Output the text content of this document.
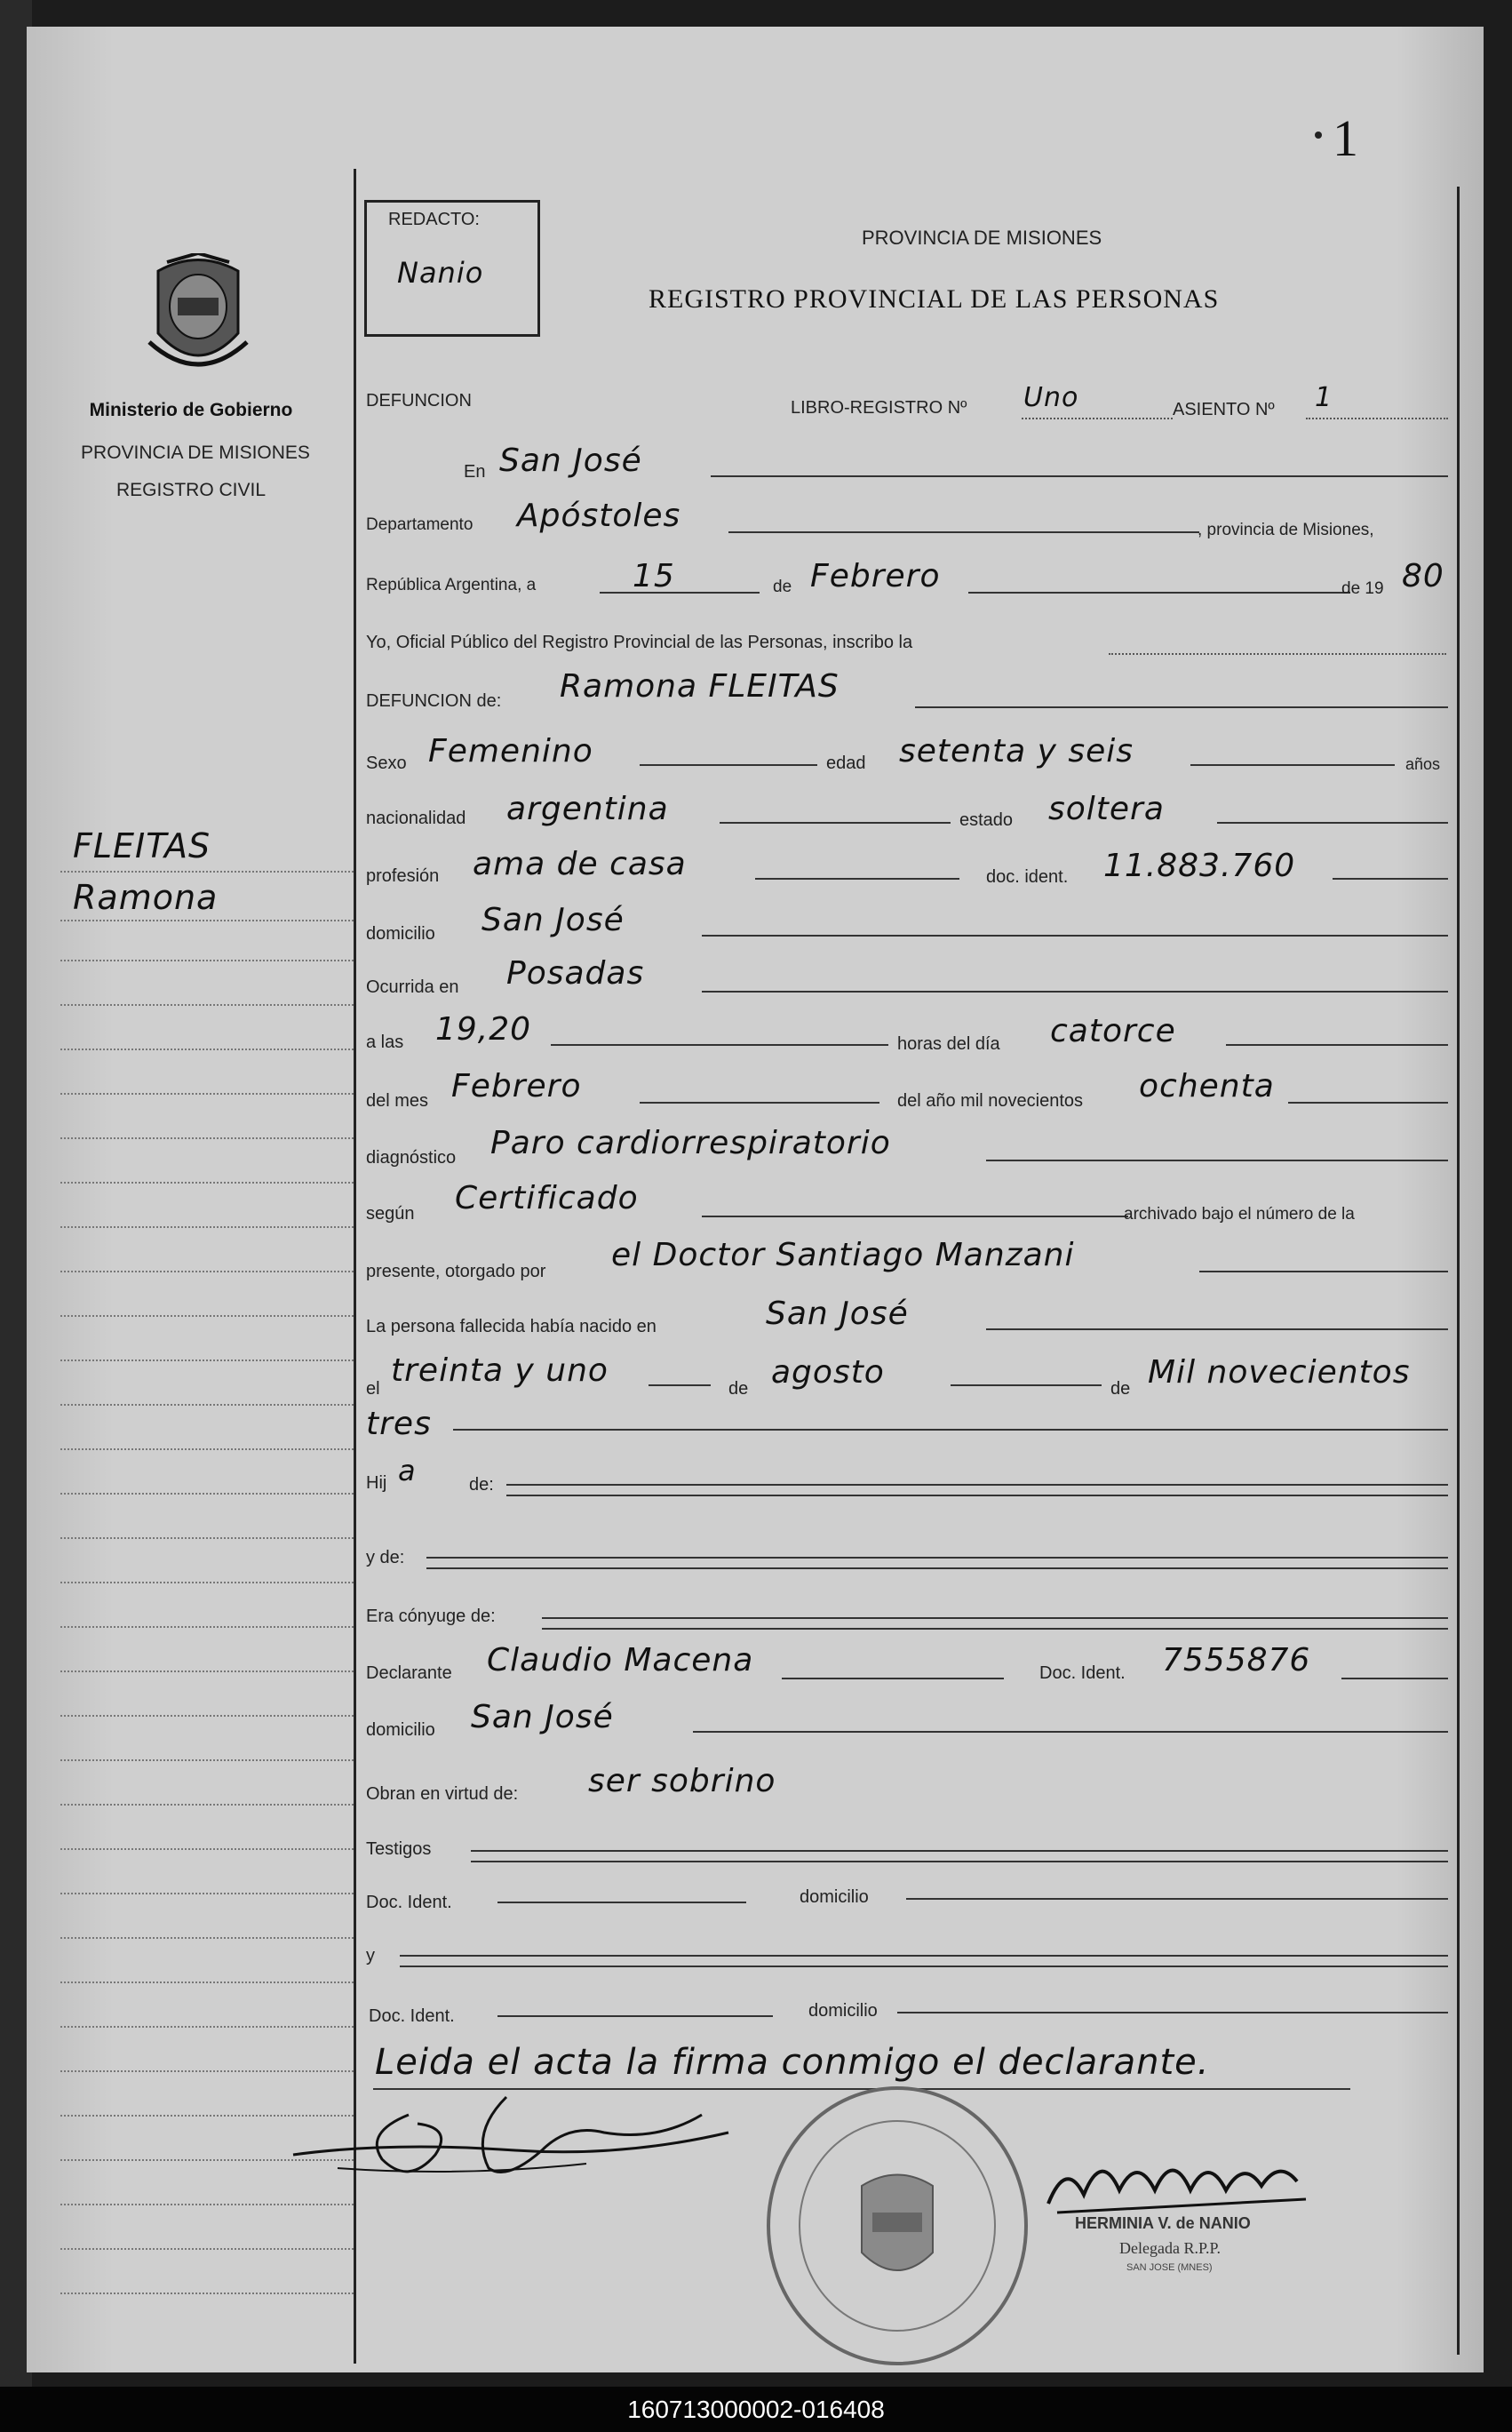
1
Ministerio de Gobierno
PROVINCIA DE MISIONES
REGISTRO CIVIL
FLEITAS
Ramona
REDACTO:
Nanio
PROVINCIA DE MISIONES
REGISTRO PROVINCIAL DE LAS PERSONAS
DEFUNCION	LIBRO-REGISTRO Nº Uno	ASIENTO Nº 1
En San José
Departamento Apóstoles	, provincia de Misiones,
República Argentina, a	15	de Febrero	de 19 80
Yo, Oficial Público del Registro Provincial de las Personas, inscribo la
DEFUNCION de: Ramona FLEITAS
Sexo Femenino	edad setenta y seis	años
nacionalidad argentina	estado soltera
profesión ama de casa	doc. ident. 11.883.760
domicilio San José
Ocurrida en Posadas
a las 19,20	horas del día catorce
del mes Febrero	del año mil novecientos ochenta
diagnóstico Paro cardiorrespiratorio
según Certificado	archivado bajo el número de la
presente, otorgado por el Doctor Santiago Manzani
La persona fallecida había nacido en	San José
el treinta y uno	de agosto	de Mil novecientos
tres
Hij a	de:
y de:
Era cónyuge de:
Declarante Claudio Macena	Doc. Ident. 7555876
domicilio San José
Obran en virtud de: ser sobrino
Testigos
Doc. Ident.	domicilio
y
Doc. Ident.	domicilio
Leida el acta la firma conmigo el declarante.
HERMINIA V. de NANIO
Delegada R.P.P.
SAN JOSE (MNES)
160713000002-016408
